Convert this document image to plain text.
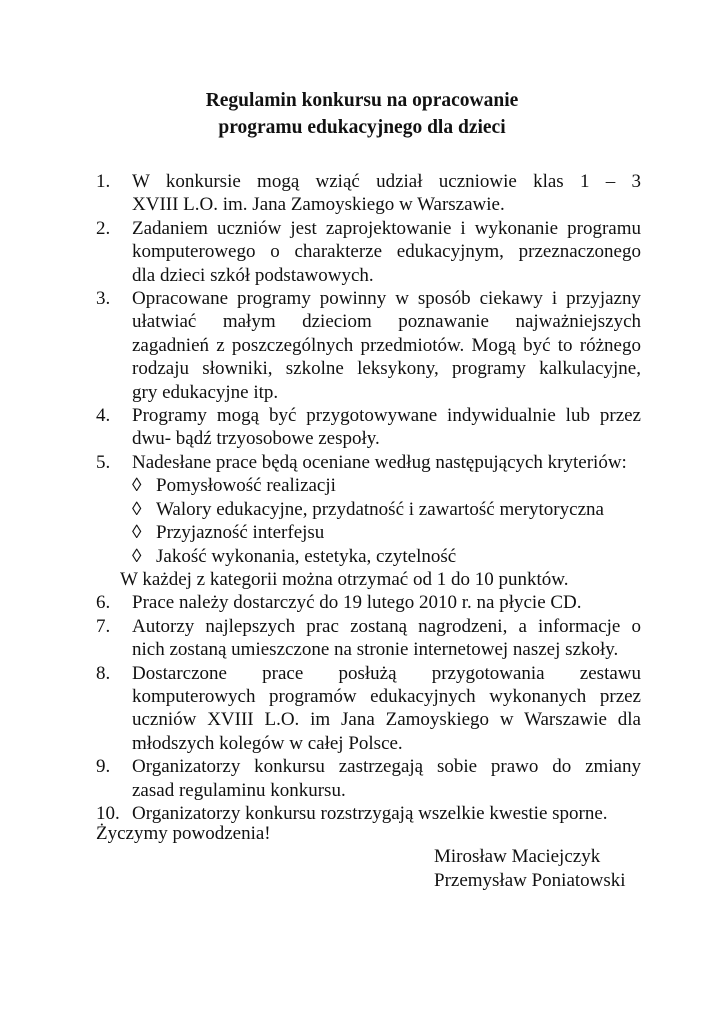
Regulamin konkursu na opracowanie
programu edukacyjnego dla dzieci
1.	W konkursie mogą wziąć udział uczniowie klas 1 – 3
XVIII L.O. im. Jana Zamoyskiego w Warszawie.
2.	Zadaniem uczniów jest zaprojektowanie i wykonanie programu
komputerowego o charakterze edukacyjnym, przeznaczonego
dla dzieci szkół podstawowych.
3.	Opracowane programy powinny w sposób ciekawy i przyjazny
ułatwiać małym dzieciom poznawanie najważniejszych
zagadnień z poszczególnych przedmiotów. Mogą być to różnego
rodzaju słowniki, szkolne leksykony, programy kalkulacyjne,
gry edukacyjne itp.
4.	Programy mogą być przygotowywane indywidualnie lub przez
dwu- bądź trzyosobowe zespoły.
5.	Nadesłane prace będą oceniane według następujących kryteriów:
◊ Pomysłowość realizacji
◊ Walory edukacyjne, przydatność i zawartość merytoryczna
◊ Przyjazność interfejsu
◊ Jakość wykonania, estetyka, czytelność
W każdej z kategorii można otrzymać od 1 do 10 punktów.
6.	Prace należy dostarczyć do 19 lutego 2010 r. na płycie CD.
7.	Autorzy najlepszych prac zostaną nagrodzeni, a informacje o
nich zostaną umieszczone na stronie internetowej naszej szkoły.
8.	Dostarczone prace posłużą przygotowania zestawu
komputerowych programów edukacyjnych wykonanych przez
uczniów XVIII L.O. im Jana Zamoyskiego w Warszawie dla
młodszych kolegów w całej Polsce.
9.	Organizatorzy konkursu zastrzegają sobie prawo do zmiany
zasad regulaminu konkursu.
10. Organizatorzy konkursu rozstrzygają wszelkie kwestie sporne.
Życzymy powodzenia!
Mirosław Maciejczyk
Przemysław Poniatowski
